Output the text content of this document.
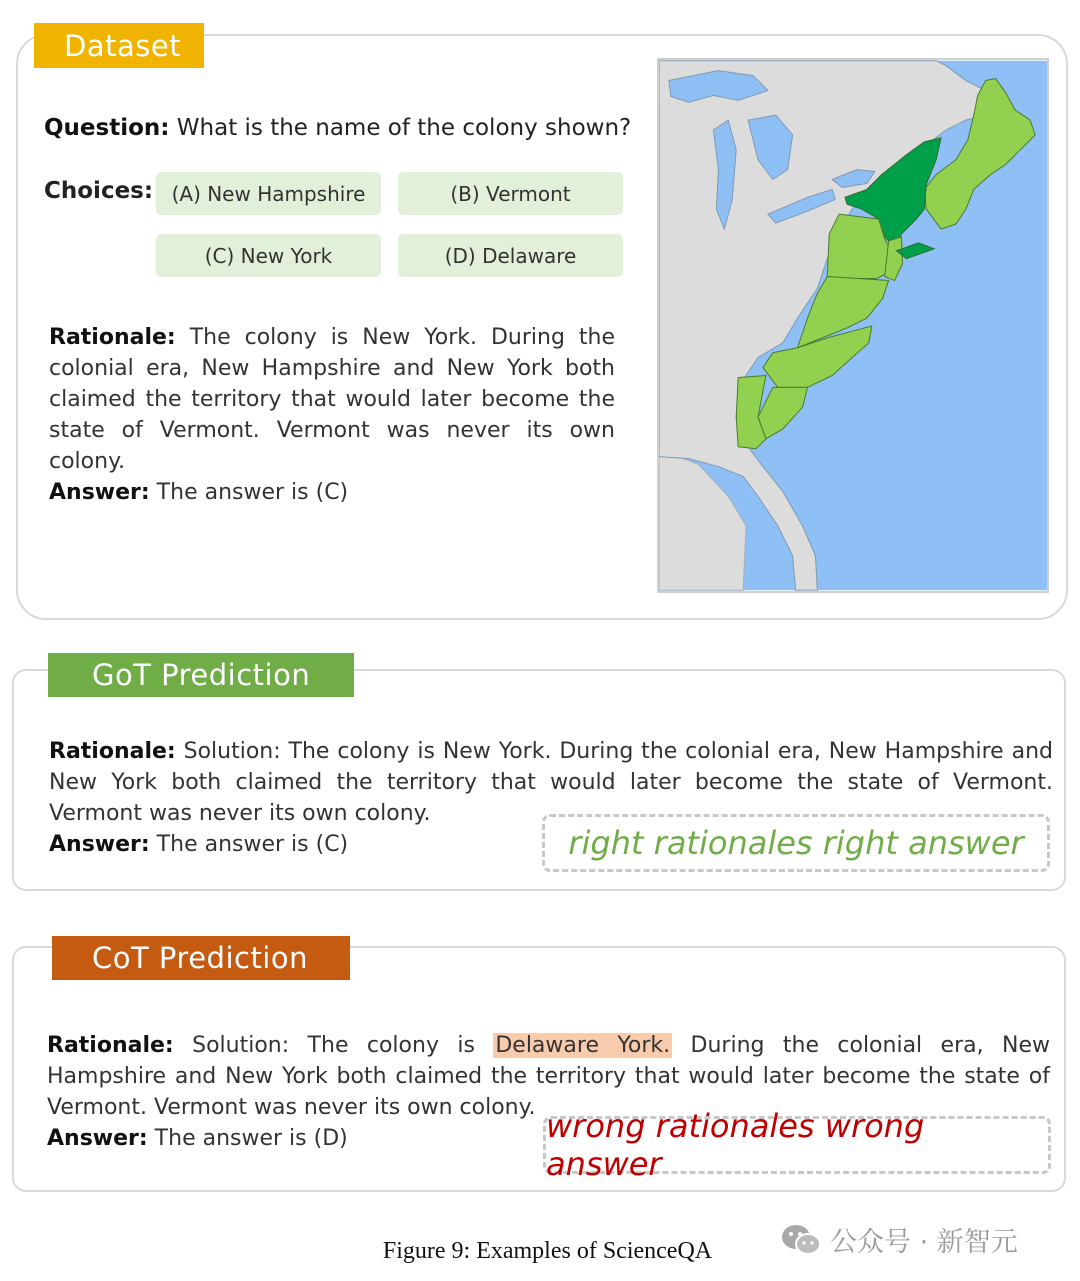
Dataset
Question: What is the name of the colony shown?
Choices: (A) New Hampshire	(B) Vermont
(C) New York	(D) Delaware

Rationale: The colony is New York. During the colonial era, New Hampshire and New York both claimed the territory that would later become the state of Vermont. Vermont was never its own colony.

Answer: The answer is (C)

GoT Prediction

Rationale: Solution: The colony is New York. During the colonial era, New Hampshire and New York both claimed the territory that would later become the state of Vermont. Vermont was never its own colony.

Answer: The answer is (C)	right rationales right answer
CoT Prediction

Rationale: Solution: The colony is Delaware York. During the colonial era, New Hampshire and New York both claimed the territory that would later become the state of Vermont. Vermont was never its own colony.

Answer: The answer is (D)	wrong rationales wrong answer
Figure 9: Examples of ScienceQA	公众号 · 新智元
